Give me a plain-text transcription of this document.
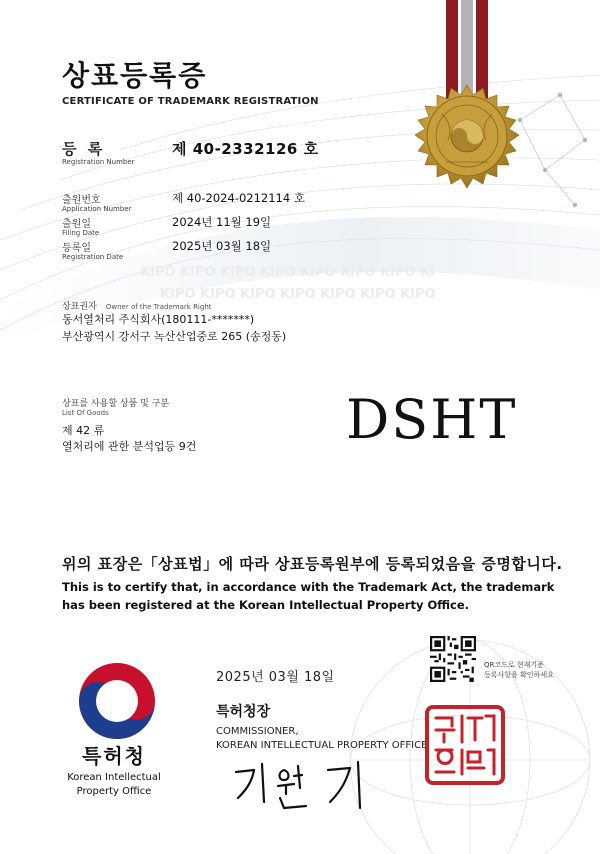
KIPO KIPO KIPO KIPO KIPO KIPO KIPO KI
KIPO KIPO KIPO KIPO KIPO KIPO KIPO
상표등록증
CERTIFICATE OF TRADEMARK REGISTRATION
등 록
Registration Number
제 40-2332126 호
출원번호
Application Number
제 40-2024-0212114 호
출원일
Filing Date
2024년 11월 19일
등록일
Registration Date
2025년 03월 18일
상표권자 Owner of the Trademark Right
동서열처리 주식회사(180111-*******)
부산광역시 강서구 녹산산업중로 265 (송정동)
상표를 사용할 상품 및 구분
List Of Goods
제 42 류
열처리에 관한 분석업등 9건	DSHT
위의 표장은「상표법」에 따라 상표등록원부에 등록되었음을 증명합니다.
This is to certify that, in accordance with the Trademark Act, the trademark
has been registered at the Korean Intellectual Property Office.
QR코드로 현재기준
등록사항을 확인하세요
2025년 03월 18일
특허청장
COMMISSIONER,
KOREAN INTELLECTUAL PROPERTY OFFICE
특허청
Korean Intellectual
Property Office
